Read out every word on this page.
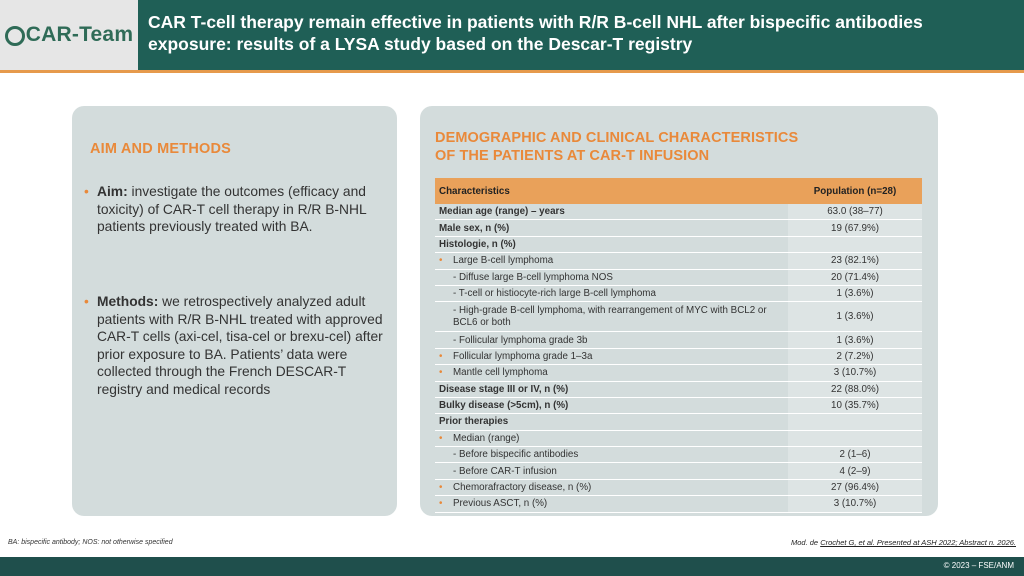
CAR-Team
CAR T-cell therapy remain effective in patients with R/R B-cell NHL after bispecific antibodies exposure: results of a LYSA study based on the Descar-T registry
AIM AND METHODS
• Aim: investigate the outcomes (efficacy and toxicity) of CAR-T cell therapy in R/R B-NHL patients previously treated with BA.
• Methods: we retrospectively analyzed adult patients with R/R B-NHL treated with approved CAR-T cells (axi-cel, tisa-cel or brexu-cel) after prior exposure to BA. Patients’ data were collected through the French DESCAR-T registry and medical records
DEMOGRAPHIC AND CLINICAL CHARACTERISTICS
OF THE PATIENTS AT CAR-T INFUSION
Characteristics	Population (n=28)
Median age (range) – years	63.0 (38–77)
Male sex, n (%)	19 (67.9%)
Histologie, n (%)	

• Large B-cell lymphoma	23 (82.1%)
- Diffuse large B-cell lymphoma NOS	20 (71.4%)
- T-cell or histiocyte-rich large B-cell lymphoma	1 (3.6%)
- High-grade B-cell lymphoma, with rearrangement of MYC with BCL2 or BCL6 or both	1 (3.6%)
- Follicular lymphoma grade 3b	1 (3.6%)

• Follicular lymphoma grade 1–3a	2 (7.2%)

• Mantle cell lymphoma	3 (10.7%)
Disease stage III or IV, n (%)	22 (88.0%)
Bulky disease (>5cm), n (%)	10 (35.7%)
Prior therapies	

• Median (range)	
- Before bispecific antibodies	2 (1–6)
- Before CAR-T infusion	4 (2–9)

• Chemorafractory disease, n (%)	27 (96.4%)

• Previous ASCT, n (%)	3 (10.7%)
BA: bispecific antibody; NOS: not otherwise specified	Mod. de Crochet G, et al. Presented at ASH 2022; Abstract n. 2026.
© 2023 – FSE/ANM
